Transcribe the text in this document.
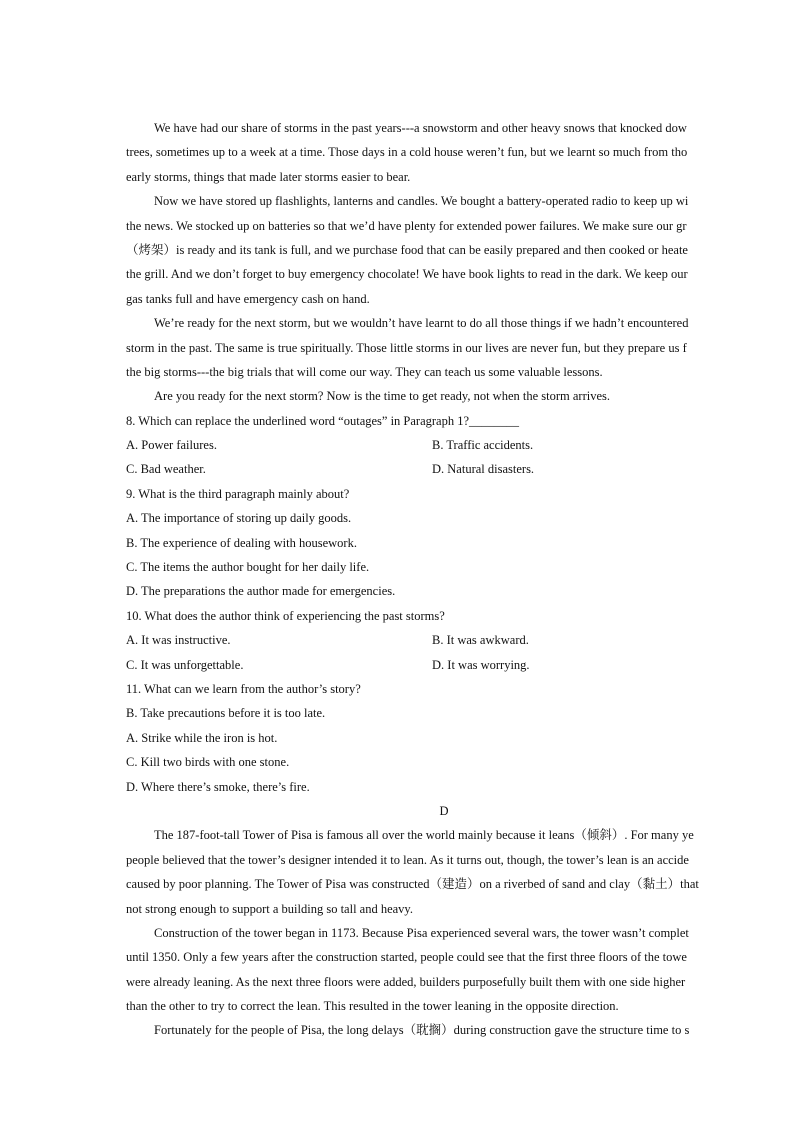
We have had our share of storms in the past years---a snowstorm and other heavy snows that knocked dow
trees, sometimes up to a week at a time. Those days in a cold house weren’t fun, but we learnt so much from tho
early storms, things that made later storms easier to bear.
Now we have stored up flashlights, lanterns and candles. We bought a battery-operated radio to keep up wi
the news. We stocked up on batteries so that we’d have plenty for extended power failures. We make sure our gr
（烤架）is ready and its tank is full, and we purchase food that can be easily prepared and then cooked or heate
the grill. And we don’t forget to buy emergency chocolate! We have book lights to read in the dark. We keep our
gas tanks full and have emergency cash on hand.
We’re ready for the next storm, but we wouldn’t have learnt to do all those things if we hadn’t encountered
storm in the past. The same is true spiritually. Those little storms in our lives are never fun, but they prepare us f
the big storms---the big trials that will come our way. They can teach us some valuable lessons.
Are you ready for the next storm? Now is the time to get ready, not when the storm arrives.
8. Which can replace the underlined word “outages” in Paragraph 1?________
A. Power failures.	B. Traffic accidents.
C. Bad weather.	D. Natural disasters.
9. What is the third paragraph mainly about?
A. The importance of storing up daily goods.
B. The experience of dealing with housework.
C. The items the author bought for her daily life.
D. The preparations the author made for emergencies.
10. What does the author think of experiencing the past storms?
A. It was instructive.	B. It was awkward.
C. It was unforgettable.	D. It was worrying.
11. What can we learn from the author’s story?
B. Take precautions before it is too late.
A. Strike while the iron is hot.
C. Kill two birds with one stone.
D. Where there’s smoke, there’s fire.
D
The 187-foot-tall Tower of Pisa is famous all over the world mainly because it leans（倾斜）. For many ye
people believed that the tower’s designer intended it to lean. As it turns out, though, the tower’s lean is an accide
caused by poor planning. The Tower of Pisa was constructed（建造）on a riverbed of sand and clay（黏土）that
not strong enough to support a building so tall and heavy.
Construction of the tower began in 1173. Because Pisa experienced several wars, the tower wasn’t complet
until 1350. Only a few years after the construction started, people could see that the first three floors of the towe
were already leaning. As the next three floors were added, builders purposefully built them with one side higher
than the other to try to correct the lean. This resulted in the tower leaning in the opposite direction.
Fortunately for the people of Pisa, the long delays（耽搁）during construction gave the structure time to s
